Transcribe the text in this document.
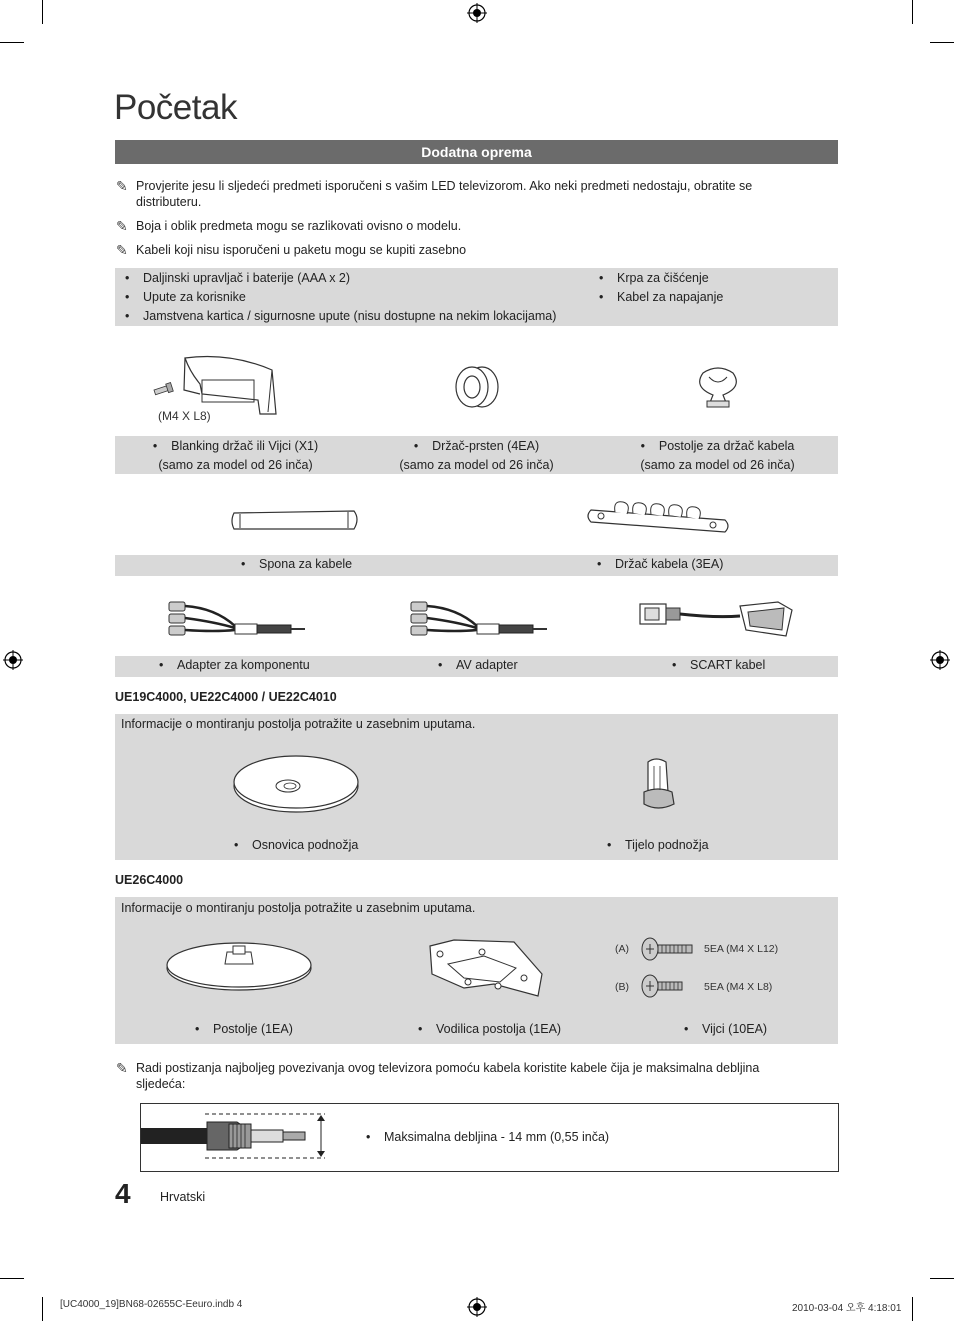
Početak
Dodatna oprema
✎ Provjerite jesu li sljedeći predmeti isporučeni s vašim LED televizorom. Ako neki predmeti nedostaju, obratite se distributeru.
✎ Boja i oblik predmeta mogu se razlikovati ovisno o modelu.
✎ Kabeli koji nisu isporučeni u paketu mogu se kupiti zasebno
• Daljinski upravljač i baterije (AAA x 2)
• Upute za korisnike
• Jamstvena kartica / sigurnosne upute (nisu dostupne na nekim lokacijama)
• Krpa za čišćenje
• Kabel za napajanje
(M4 X L8)
•    Blanking držač ili Vijci (X1)
(samo za model od 26 inča)
•    Držač-prsten (4EA)
(samo za model od 26 inča)
•    Postolje za držač kabela
(samo za model od 26 inča)
• Spona za kabele	• Držač kabela (3EA)
• Adapter za komponentu	• AV adapter	• SCART kabel
UE19C4000, UE22C4000 / UE22C4010
Informacije o montiranju postolja potražite u zasebnim uputama.
• Osnovica podnožja	• Tijelo podnožja
UE26C4000
Informacije o montiranju postolja potražite u zasebnim uputama.
(A)	5EA (M4 X L12)
(B)	5EA (M4 X L8)
• Postolje (1EA)	• Vodilica postolja (1EA)	• Vijci (10EA)
✎ Radi postizanja najboljeg povezivanja ovog televizora pomoću kabela koristite kabele čija je maksimalna debljina sljedeća:
• Maksimalna debljina - 14 mm (0,55 inča)
4 Hrvatski
[UC4000_19]BN68-02655C-Eeuro.indb 4	2010-03-04 오후 4:18:01
